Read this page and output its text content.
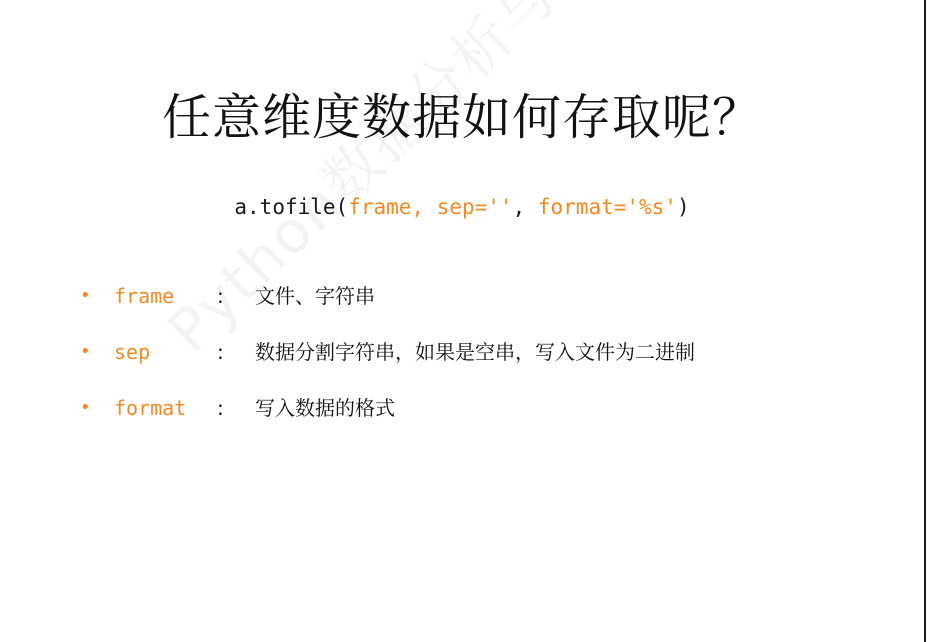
任意维度数据如何存取呢？
a.tofile(frame, sep='', format='%s')
• frame : 文件、字符串
• sep	: 数据分割字符串，如果是空串，写入文件为二进制
• format : 写入数据的格式
